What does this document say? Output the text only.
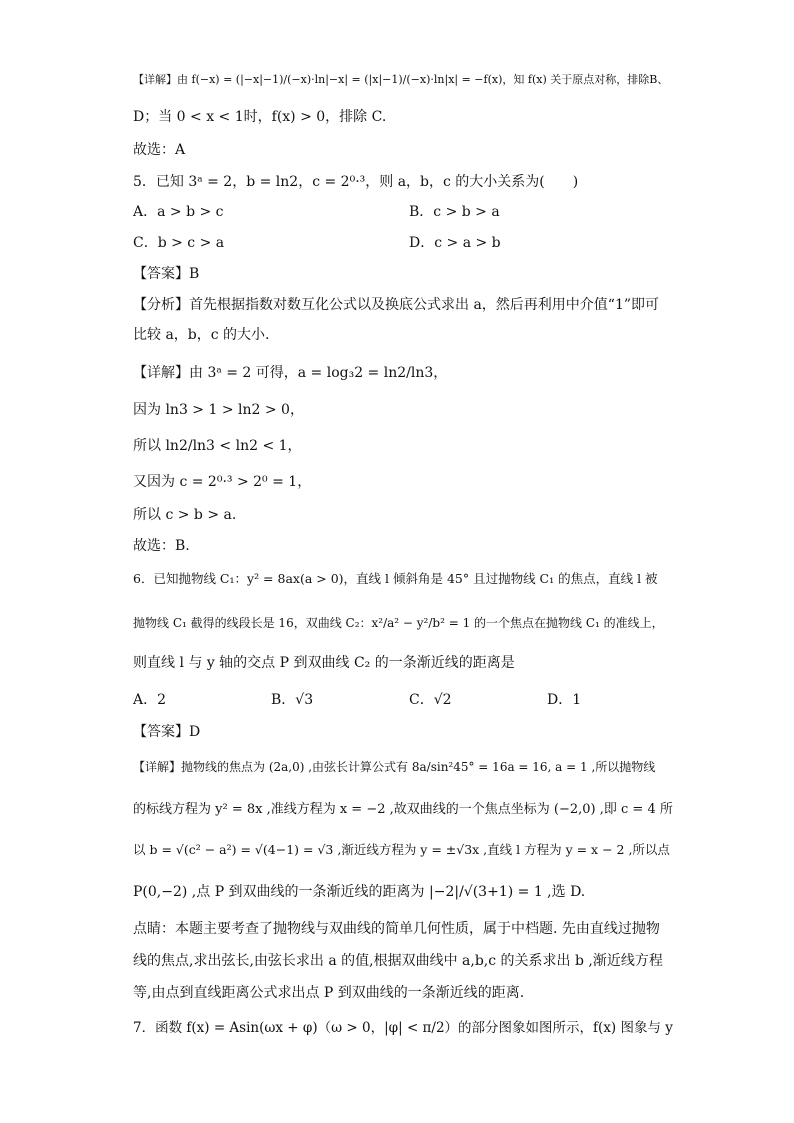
【详解】由 f(−x) = (|−x|−1)/(−x)·ln|−x| = (|x|−1)/(−x)·ln|x| = −f(x)，知 f(x) 关于原点对称，排除B、
D；当 0 < x < 1时，f(x) > 0，排除 C.
故选：A
5．已知 3ᵃ = 2，b = ln2，c = 2⁰·³，则 a，b，c 的大小关系为(　　)
A．a > b > c	B．c > b > a
C．b > c > a	D．c > a > b
【答案】B
【分析】首先根据指数对数互化公式以及换底公式求出 a，然后再利用中介值“1”即可
比较 a，b，c 的大小.
【详解】由 3ᵃ = 2 可得，a = log₃2 = ln2/ln3，
因为 ln3 > 1 > ln2 > 0，
所以 ln2/ln3 < ln2 < 1，
又因为 c = 2⁰·³ > 2⁰ = 1，
所以 c > b > a.
故选：B.
6．已知抛物线 C₁：y² = 8ax(a > 0)，直线 l 倾斜角是 45° 且过抛物线 C₁ 的焦点，直线 l 被
抛物线 C₁ 截得的线段长是 16，双曲线 C₂：x²/a² − y²/b² = 1 的一个焦点在抛物线 C₁ 的准线上，
则直线 l 与 y 轴的交点 P 到双曲线 C₂ 的一条渐近线的距离是
A．2	B．√3	C．√2	D．1
【答案】D
【详解】抛物线的焦点为 (2a,0) ,由弦长计算公式有 8a/sin²45° = 16a = 16, a = 1 ,所以抛物线
的标线方程为 y² = 8x ,准线方程为 x = −2 ,故双曲线的一个焦点坐标为 (−2,0) ,即 c = 4 所
以 b = √(c² − a²) = √(4−1) = √3 ,渐近线方程为 y = ±√3x ,直线 l 方程为 y = x − 2 ,所以点
P(0,−2) ,点 P 到双曲线的一条渐近线的距离为 |−2|/√(3+1) = 1 ,选 D.
点睛：本题主要考查了抛物线与双曲线的简单几何性质，属于中档题. 先由直线过抛物
线的焦点,求出弦长,由弦长求出 a 的值,根据双曲线中 a,b,c 的关系求出 b ,渐近线方程
等,由点到直线距离公式求出点 P 到双曲线的一条渐近线的距离.
7．函数 f(x) = Asin(ωx + φ)（ω > 0，|φ| < π/2）的部分图象如图所示，f(x) 图象与 y
